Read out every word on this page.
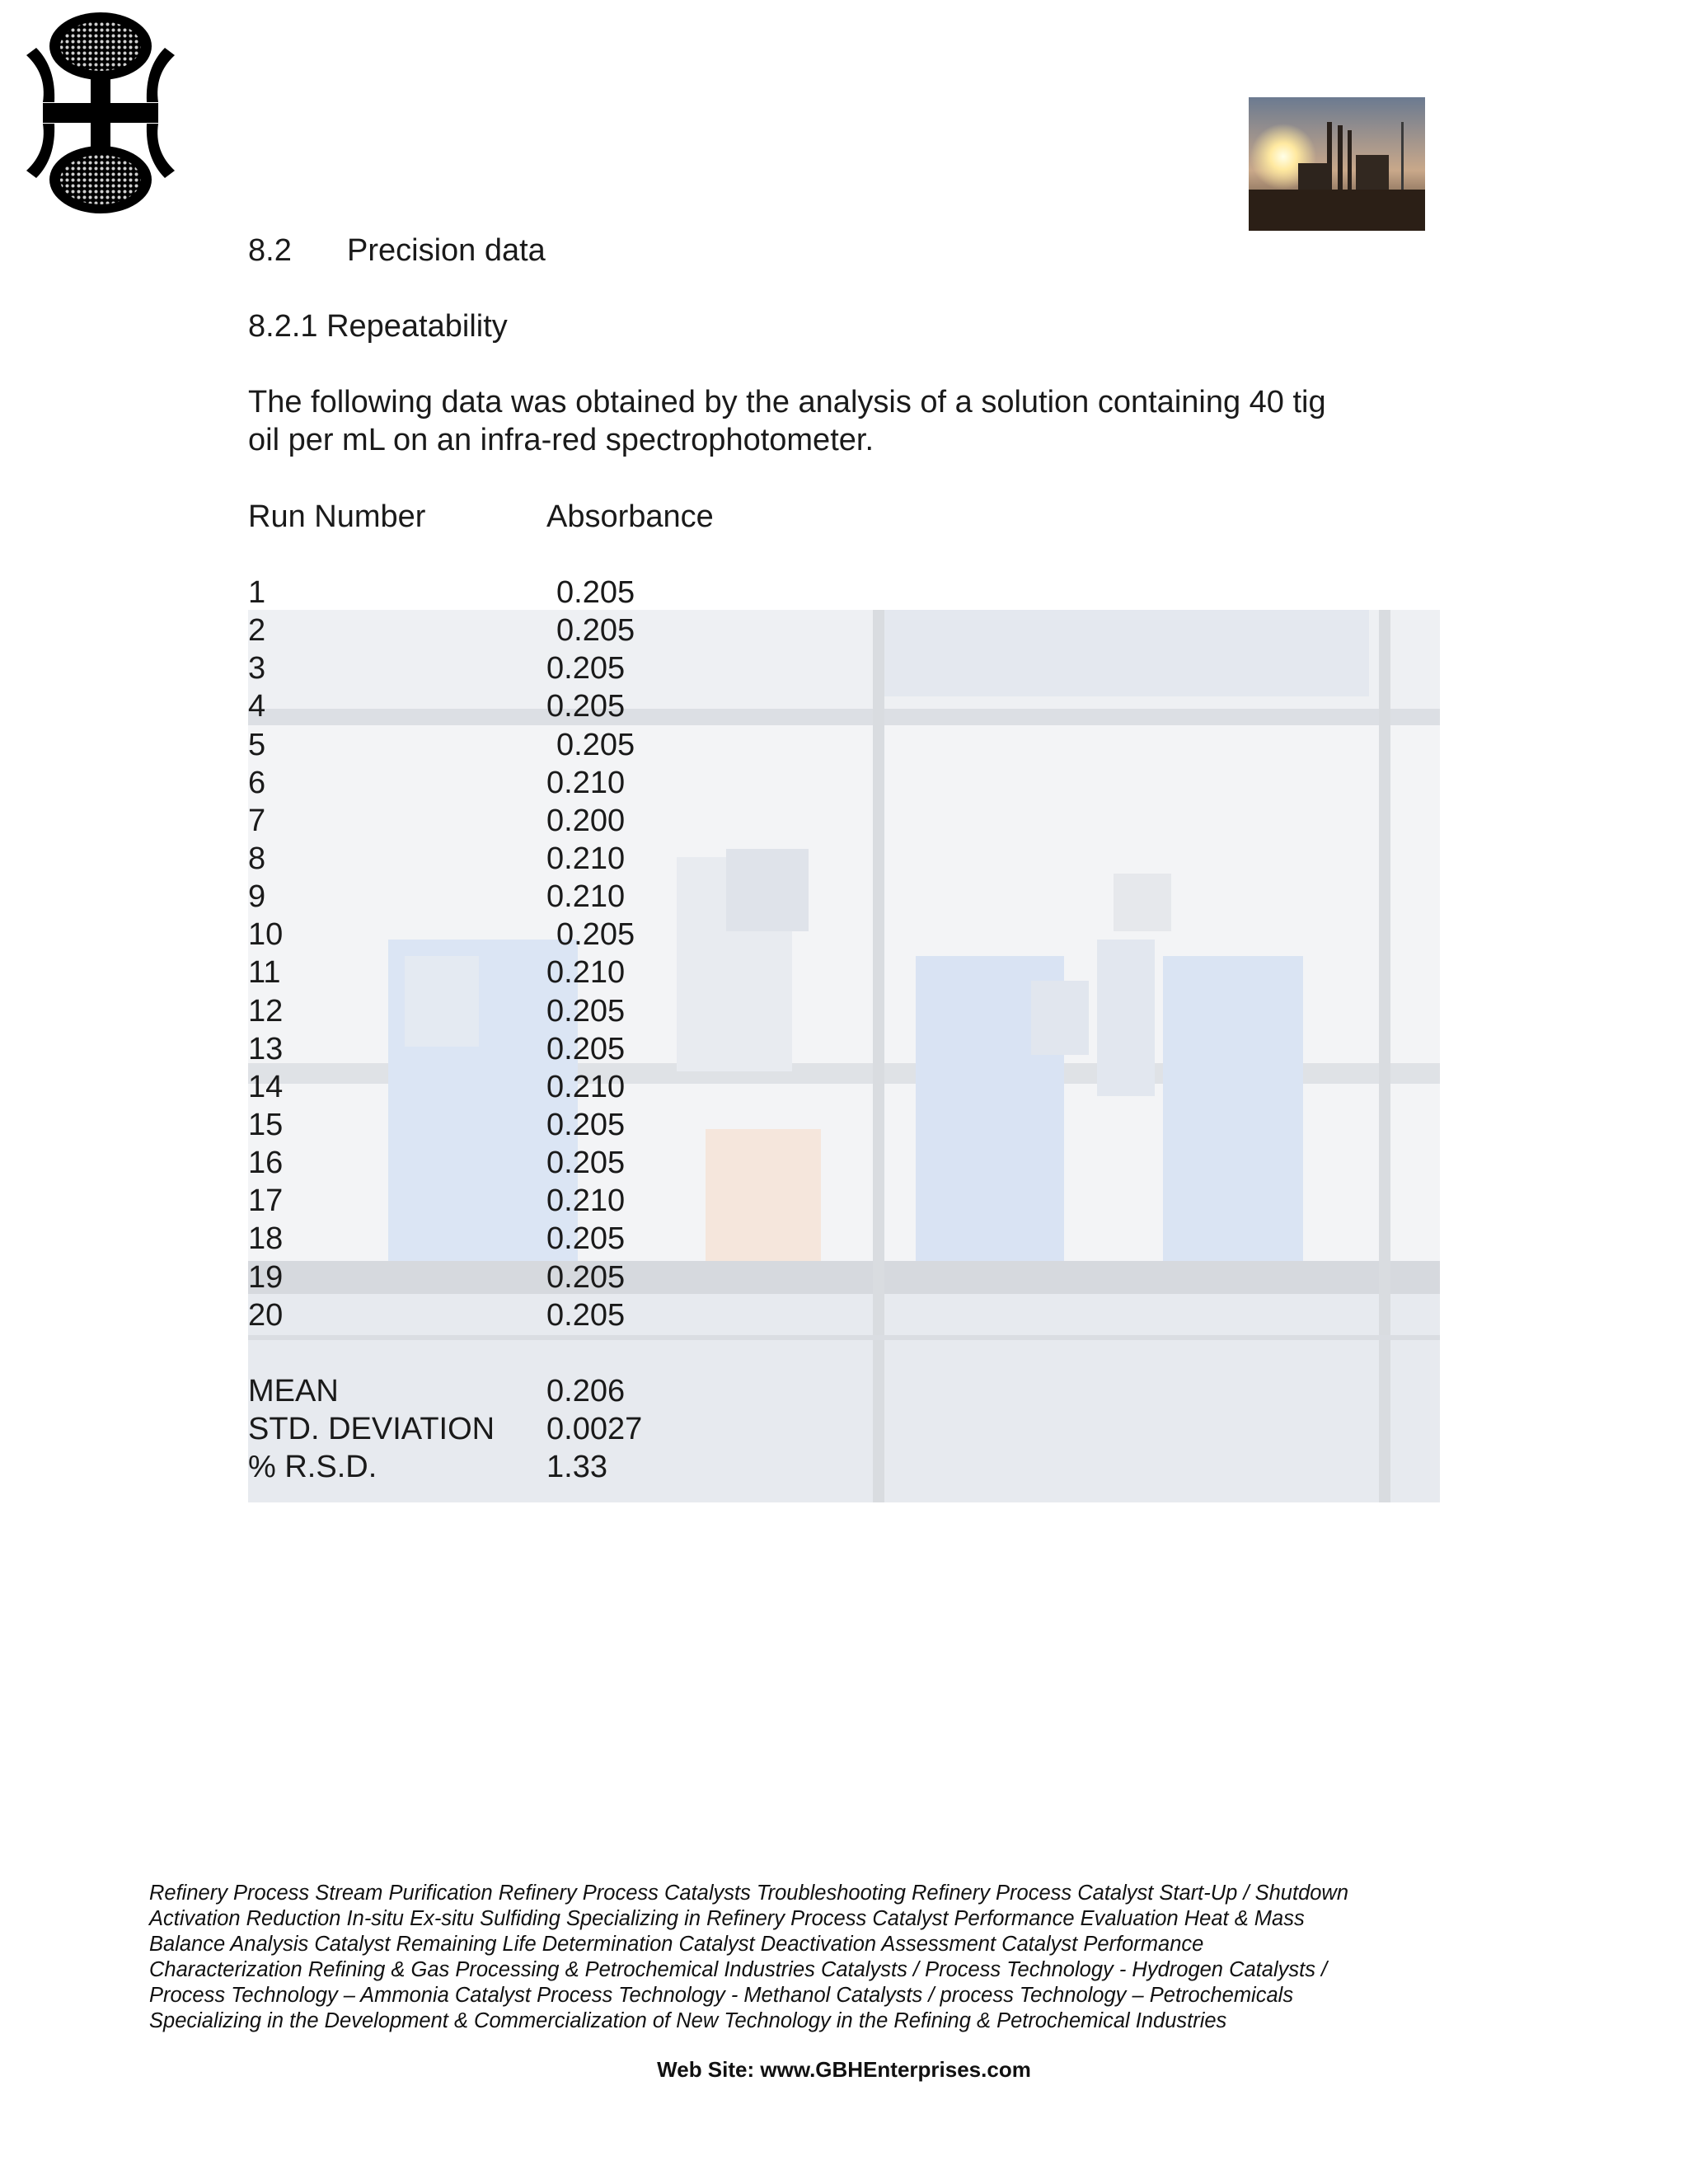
8.2 Precision data
8.2.1 Repeatability
The following data was obtained by the analysis of a solution containing 40 tig oil per mL on an infra-red spectrophotometer.
Run Number	Absorbance
1	0.205
2	0.205
3	0.205
4	0.205
5	0.205
6	0.210
7	0.200
8	0.210
9	0.210
10	0.205
11	0.210
12	0.205
13	0.205
14	0.210
15	0.205
16	0.205
17	0.210
18	0.205
19	0.205
20	0.205
MEAN	0.206
STD. DEVIATION 0.0027
% R.S.D.	1.33
Refinery Process Stream Purification Refinery Process Catalysts Troubleshooting Refinery Process Catalyst Start-Up / Shutdown
Activation Reduction In-situ Ex-situ Sulfiding Specializing in Refinery Process Catalyst Performance Evaluation Heat & Mass
Balance Analysis Catalyst Remaining Life Determination Catalyst Deactivation Assessment Catalyst Performance
Characterization Refining & Gas Processing & Petrochemical Industries Catalysts / Process Technology - Hydrogen Catalysts /
Process Technology – Ammonia Catalyst Process Technology - Methanol Catalysts / process Technology – Petrochemicals
Specializing in the Development & Commercialization of New Technology in the Refining & Petrochemical Industries
Web Site: www.GBHEnterprises.com
